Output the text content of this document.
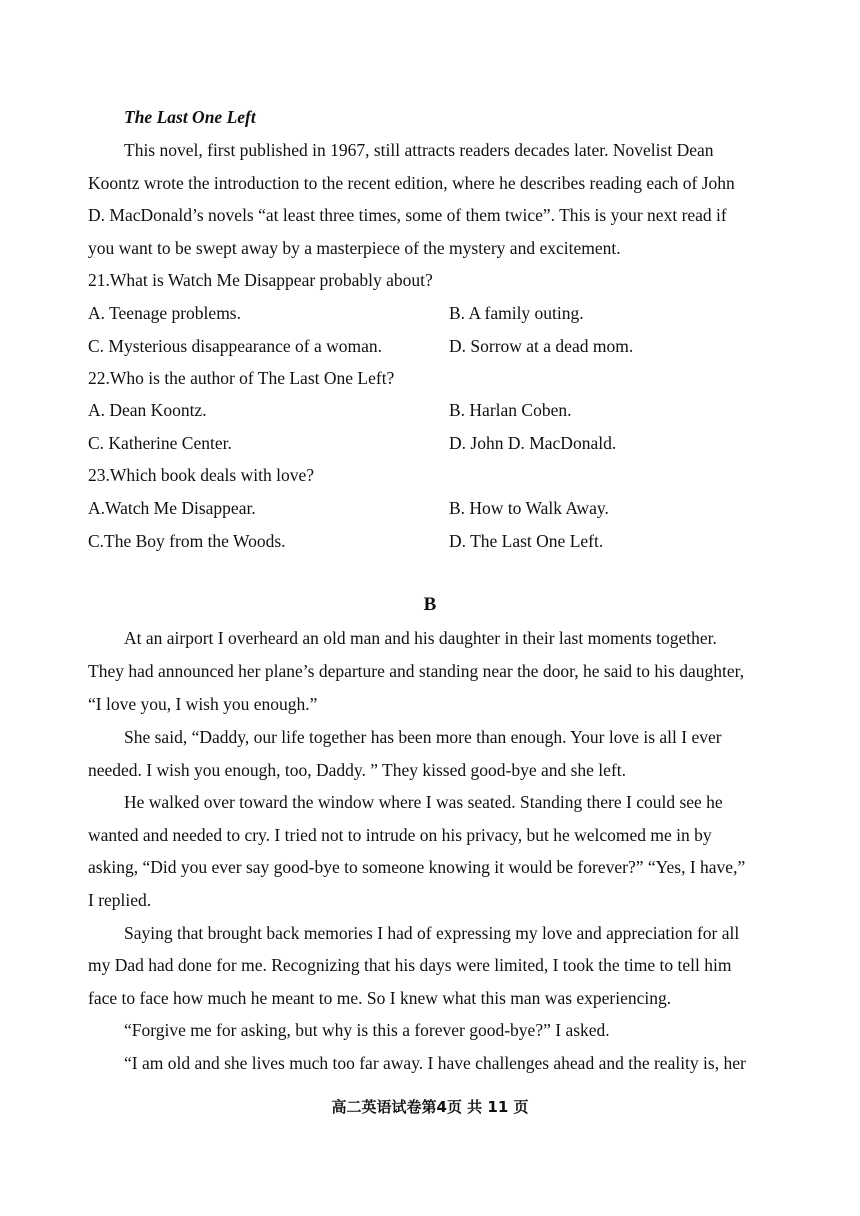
The Last One Left
This novel, first published in 1967, still attracts readers decades later. Novelist Dean
Koontz wrote the introduction to the recent edition, where he describes reading each of John
D. MacDonald’s novels “at least three times, some of them twice”. This is your next read if
you want to be swept away by a masterpiece of the mystery and excitement.
21.What is Watch Me Disappear probably about?
A. Teenage problems.	B. A family outing.
C. Mysterious disappearance of a woman.	D. Sorrow at a dead mom.
22.Who is the author of The Last One Left?
A. Dean Koontz.	B. Harlan Coben.
C. Katherine Center.	D. John D. MacDonald.
23.Which book deals with love?
A.Watch Me Disappear.	B. How to Walk Away.
C.The Boy from the Woods.	D. The Last One Left.
B
At an airport I overheard an old man and his daughter in their last moments together.
They had announced her plane’s departure and standing near the door, he said to his daughter,
“I love you, I wish you enough.”
She said, “Daddy, our life together has been more than enough. Your love is all I ever
needed. I wish you enough, too, Daddy. ” They kissed good-bye and she left.
He walked over toward the window where I was seated. Standing there I could see he
wanted and needed to cry. I tried not to intrude on his privacy, but he welcomed me in by
asking, “Did you ever say good-bye to someone knowing it would be forever?” “Yes, I have,”
I replied.
Saying that brought back memories I had of expressing my love and appreciation for all
my Dad had done for me. Recognizing that his days were limited, I took the time to tell him
face to face how much he meant to me. So I knew what this man was experiencing.
“Forgive me for asking, but why is this a forever good-bye?” I asked.
“I am old and she lives much too far away. I have challenges ahead and the reality is, her
高二英语试卷第4页 共 11 页
